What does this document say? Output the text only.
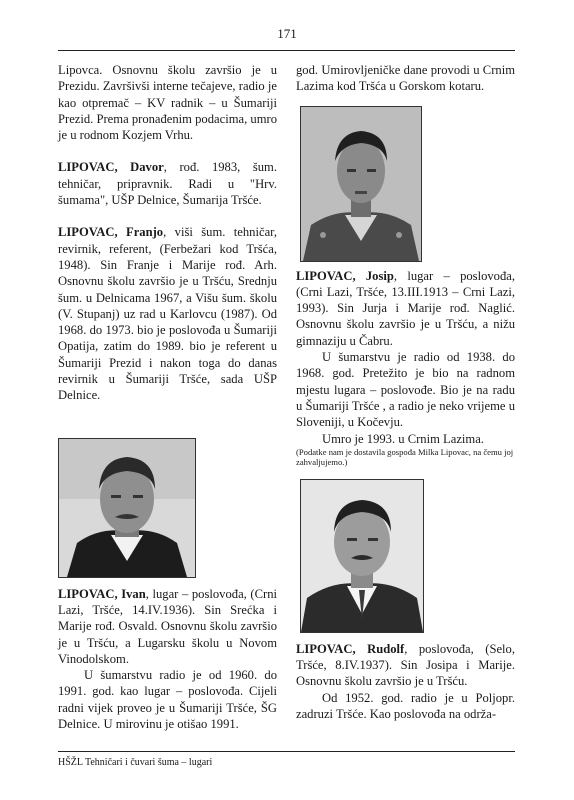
171

Lipovca. Osnovnu školu završio je u Prezidu. Završivši interne tečajeve, radio je kao otpremač – KV radnik – u Šumariji Prezid. Prema pronađenim podacima, umro je u rodnom Kozjem Vrhu.

LIPOVAC, Davor, rođ. 1983, šum. tehničar, pripravnik. Radi u "Hrv. šumama", UŠP Delnice, Šumarija Tršće.

LIPOVAC, Franjo, viši šum. tehničar, revirnik, referent, (Ferbežari kod Tršća, 1948). Sin Franje i Marije rođ. Arh. Osnovnu školu završio je u Tršću, Srednju šum. u Delnicama 1967, a Višu šum. školu (V. Stupanj) uz rad u Karlovcu (1987). Od 1968. do 1973. bio je poslovođa u Šumariji Opatija, zatim do 1989. bio je referent u Šumariji Prezid i nakon toga do danas revirnik u Šumariji Tršće, sada UŠP Delnice.

LIPOVAC, Ivan, lugar – poslovođa, (Crni Lazi, Tršće, 14.IV.1936). Sin Srećka i Marije rođ. Osvald. Osnovnu školu završio je u Tršću, a Lugarsku školu u Novom Vinodolskom.

U šumarstvu radio je od 1960. do 1991. god. kao lugar – poslovođa. Cijeli radni vijek proveo je u Šumariji Tršće, ŠG Delnice. U mirovinu je otišao 1991.

god. Umirovljeničke dane provodi u Crnim Lazima kod Tršća u Gorskom kotaru.

LIPOVAC, Josip, lugar – poslovođa, (Crni Lazi, Tršće, 13.III.1913 – Crni Lazi, 1993). Sin Jurja i Marije rođ. Naglić. Osnovnu školu završio je u Tršću, a nižu gimnaziju u Čabru.

U šumarstvu je radio od 1938. do 1968. god. Pretežito je bio na radnom mjestu lugara – poslovođe. Bio je na radu u Šumariji Tršće , a radio je neko vrijeme u Sloveniji, u Kočevju.

Umro je 1993. u Crnim Lazima.

(Podatke nam je dostavila gospođa Milka Lipovac, na čemu joj zahvaljujemo.)

LIPOVAC, Rudolf, poslovođa, (Selo, Tršće, 8.IV.1937). Sin Josipa i Marije. Osnovnu školu završio je u Tršću.

Od 1952. god. radio je u Poljopr. zadruzi Tršće. Kao poslovođa na održa-

HŠŽL Tehničari i čuvari šuma – lugari
